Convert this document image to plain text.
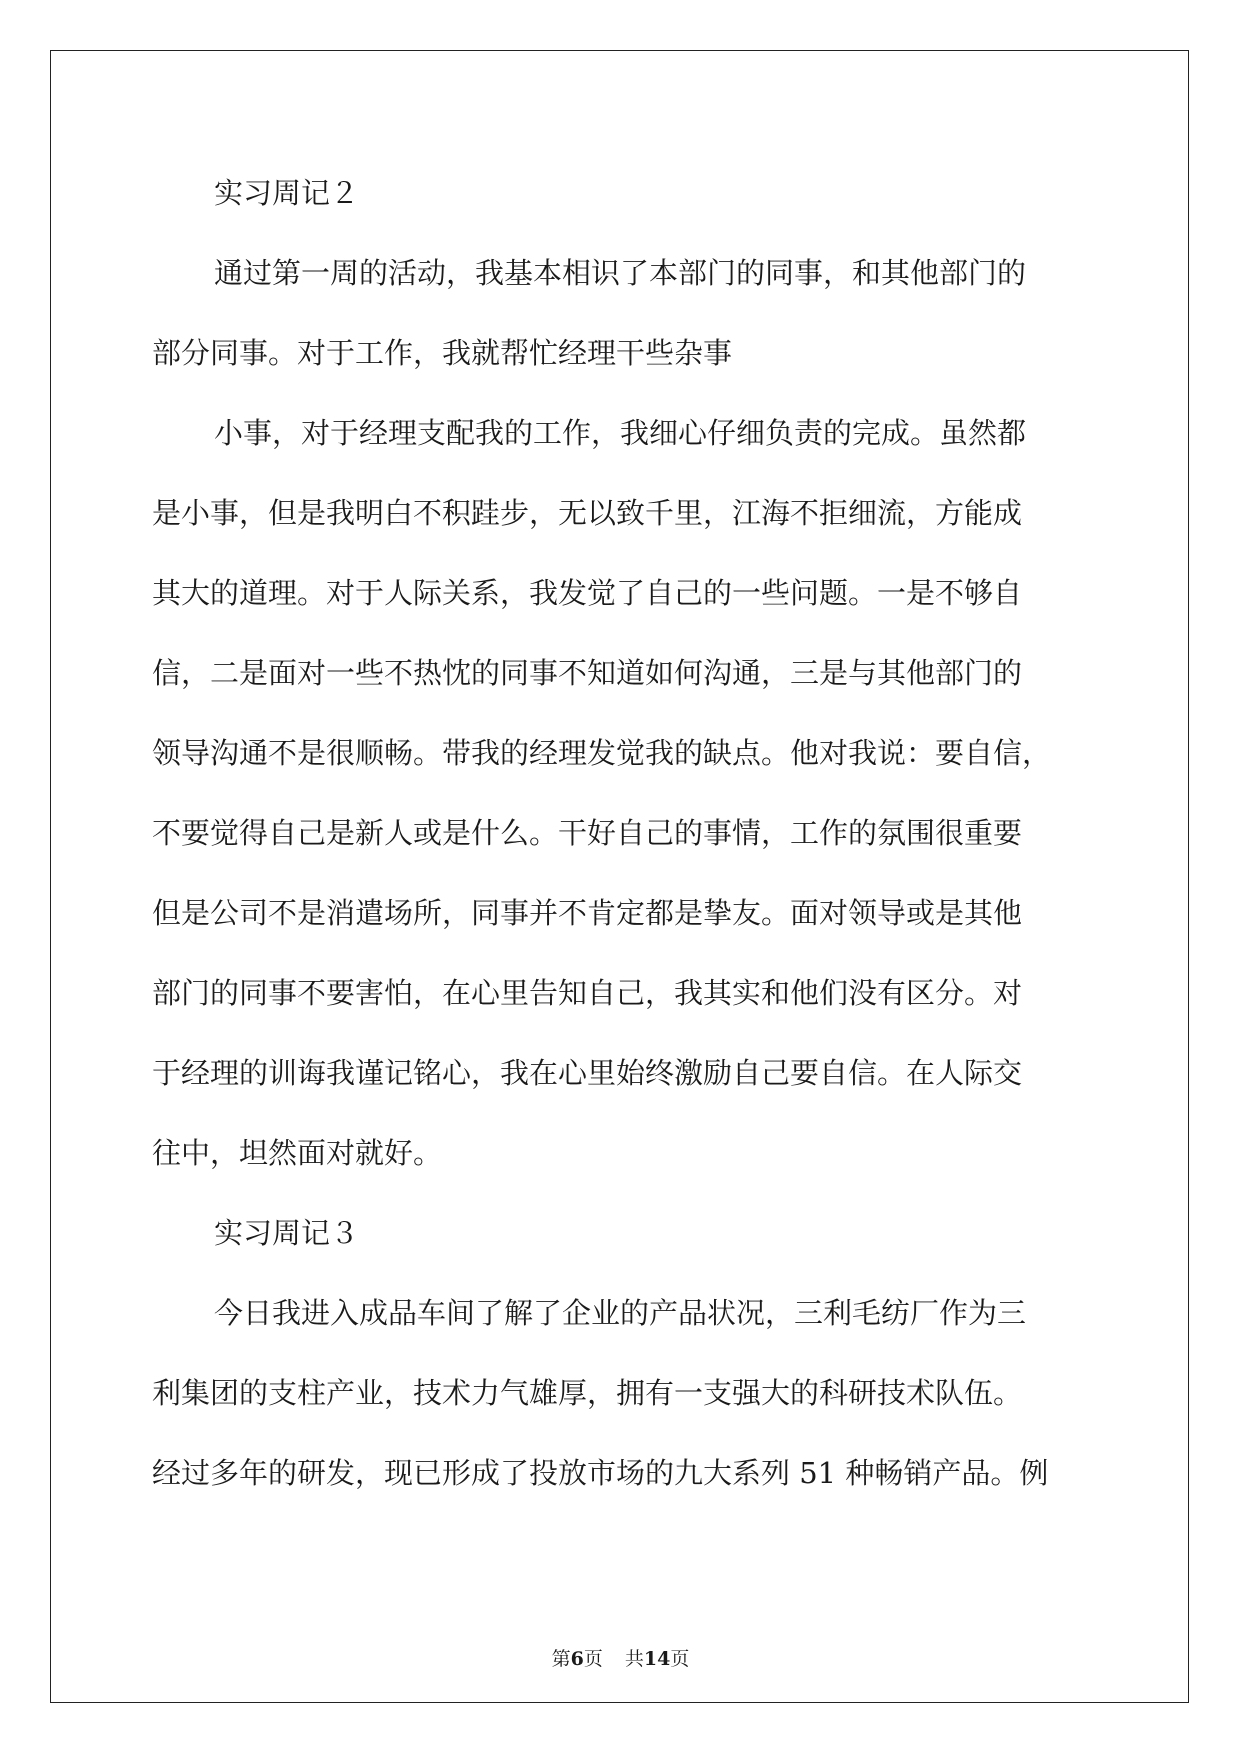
实习周记２
通过第一周的活动，我基本相识了本部门的同事，和其他部门的
部分同事。对于工作，我就帮忙经理干些杂事
小事，对于经理支配我的工作，我细心仔细负责的完成。虽然都
是小事，但是我明白不积跬步，无以致千里，江海不拒细流，方能成
其大的道理。对于人际关系，我发觉了自己的一些问题。一是不够自
信，二是面对一些不热忱的同事不知道如何沟通，三是与其他部门的
领导沟通不是很顺畅。带我的经理发觉我的缺点。他对我说：要自信，
不要觉得自己是新人或是什么。干好自己的事情，工作的氛围很重要
但是公司不是消遣场所，同事并不肯定都是挚友。面对领导或是其他
部门的同事不要害怕，在心里告知自己，我其实和他们没有区分。对
于经理的训诲我谨记铭心，我在心里始终激励自己要自信。在人际交
往中，坦然面对就好。
实习周记３
今日我进入成品车间了解了企业的产品状况，三利毛纺厂作为三
利集团的支柱产业，技术力气雄厚，拥有一支强大的科研技术队伍。
经过多年的研发，现已形成了投放市场的九大系列 51 种畅销产品。例
第6页 共14页
